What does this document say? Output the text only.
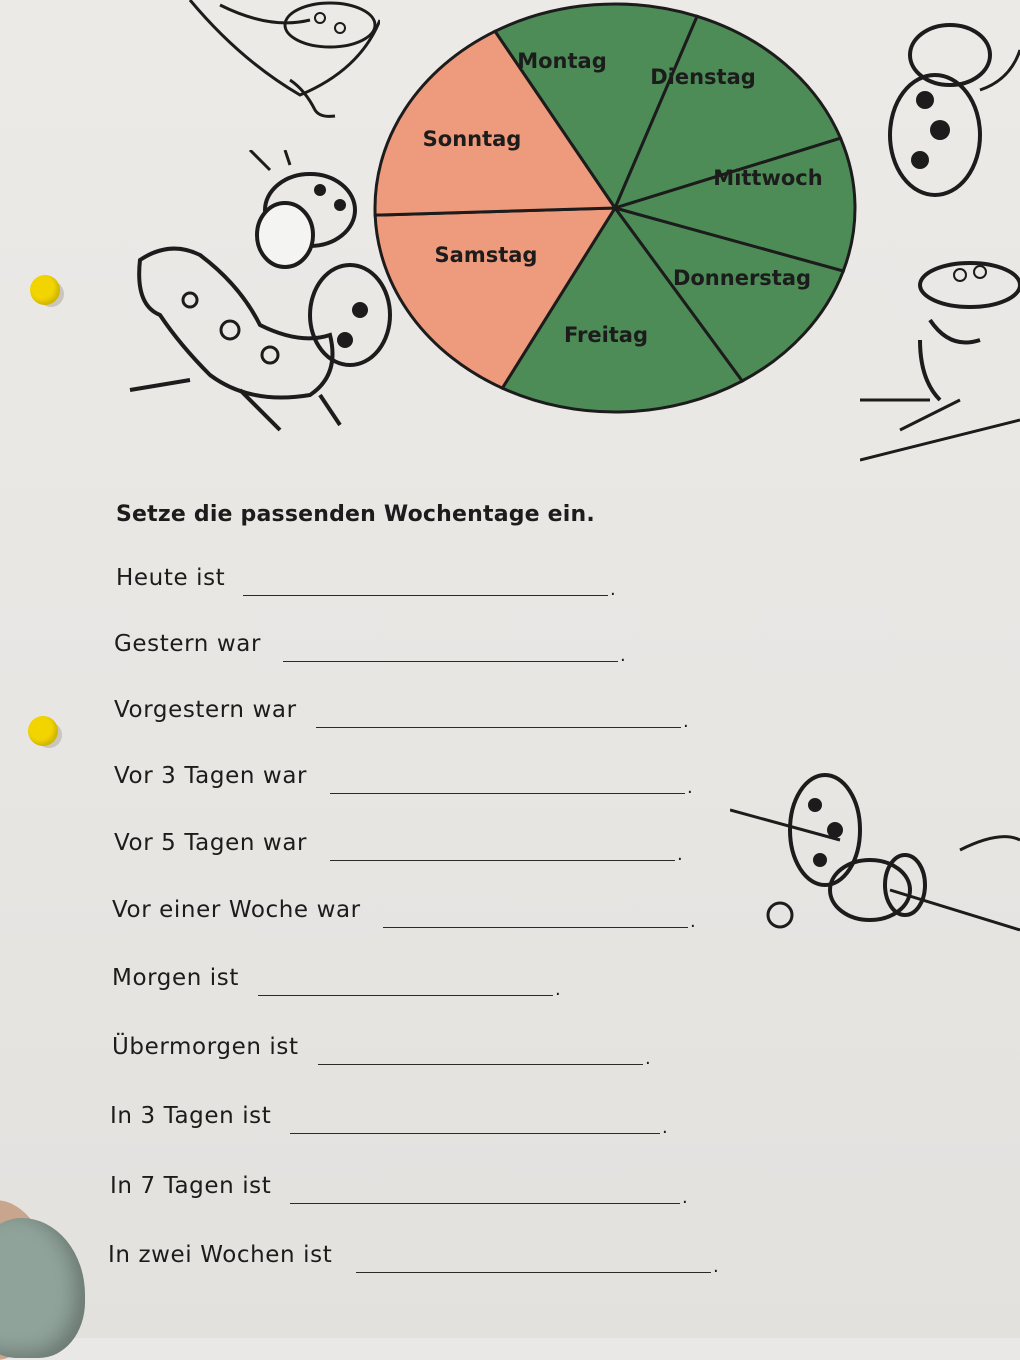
Montag
Dienstag
Mittwoch
Donnerstag
Freitag
Samstag
Sonntag
Setze die passenden Wochentage ein.
Heute ist	.
Gestern war	.
Vorgestern war	.
Vor 3 Tagen war	.
Vor 5 Tagen war	.
Vor einer Woche war	.
Morgen ist	.
Übermorgen ist	.
In 3 Tagen ist	.
In 7 Tagen ist	.
In zwei Wochen ist	.
